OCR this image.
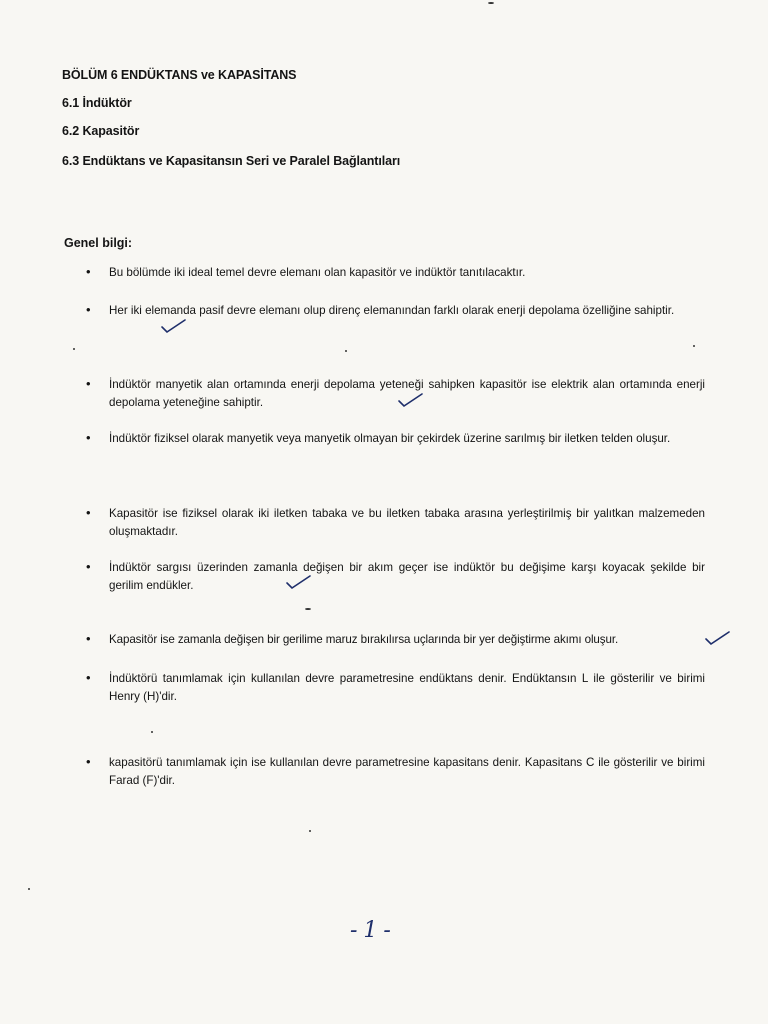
BÖLÜM 6 ENDÜKTANS ve KAPASİTANS
6.1 İndüktör
6.2 Kapasitör
6.3 Endüktans ve Kapasitansın Seri ve Paralel Bağlantıları
Genel bilgi:
• Bu bölümde iki ideal temel devre elemanı olan kapasitör ve indüktör tanıtılacaktır.
• Her iki elemanda pasif devre elemanı olup direnç elemanından farklı olarak enerji depolama özelliğine sahiptir.
• İndüktör manyetik alan ortamında enerji depolama yeteneği sahipken kapasitör ise elektrik alan ortamında enerji depolama yeteneğine sahiptir.
• İndüktör fiziksel olarak manyetik veya manyetik olmayan bir çekirdek üzerine sarılmış bir iletken telden oluşur.
• Kapasitör ise fiziksel olarak iki iletken tabaka ve bu iletken tabaka arasına yerleştirilmiş bir yalıtkan malzemeden oluşmaktadır.
• İndüktör sargısı üzerinden zamanla değişen bir akım geçer ise indüktör bu değişime karşı koyacak şekilde bir gerilim endükler.
• Kapasitör ise zamanla değişen bir gerilime maruz bırakılırsa uçlarında bir yer değiştirme akımı oluşur.
• İndüktörü tanımlamak için kullanılan devre parametresine endüktans denir. Endüktansın L ile gösterilir ve birimi Henry (H)'dir.
• kapasitörü tanımlamak için ise kullanılan devre parametresine kapasitans denir. Kapasitans C ile gösterilir ve birimi Farad (F)'dir.
-1-
